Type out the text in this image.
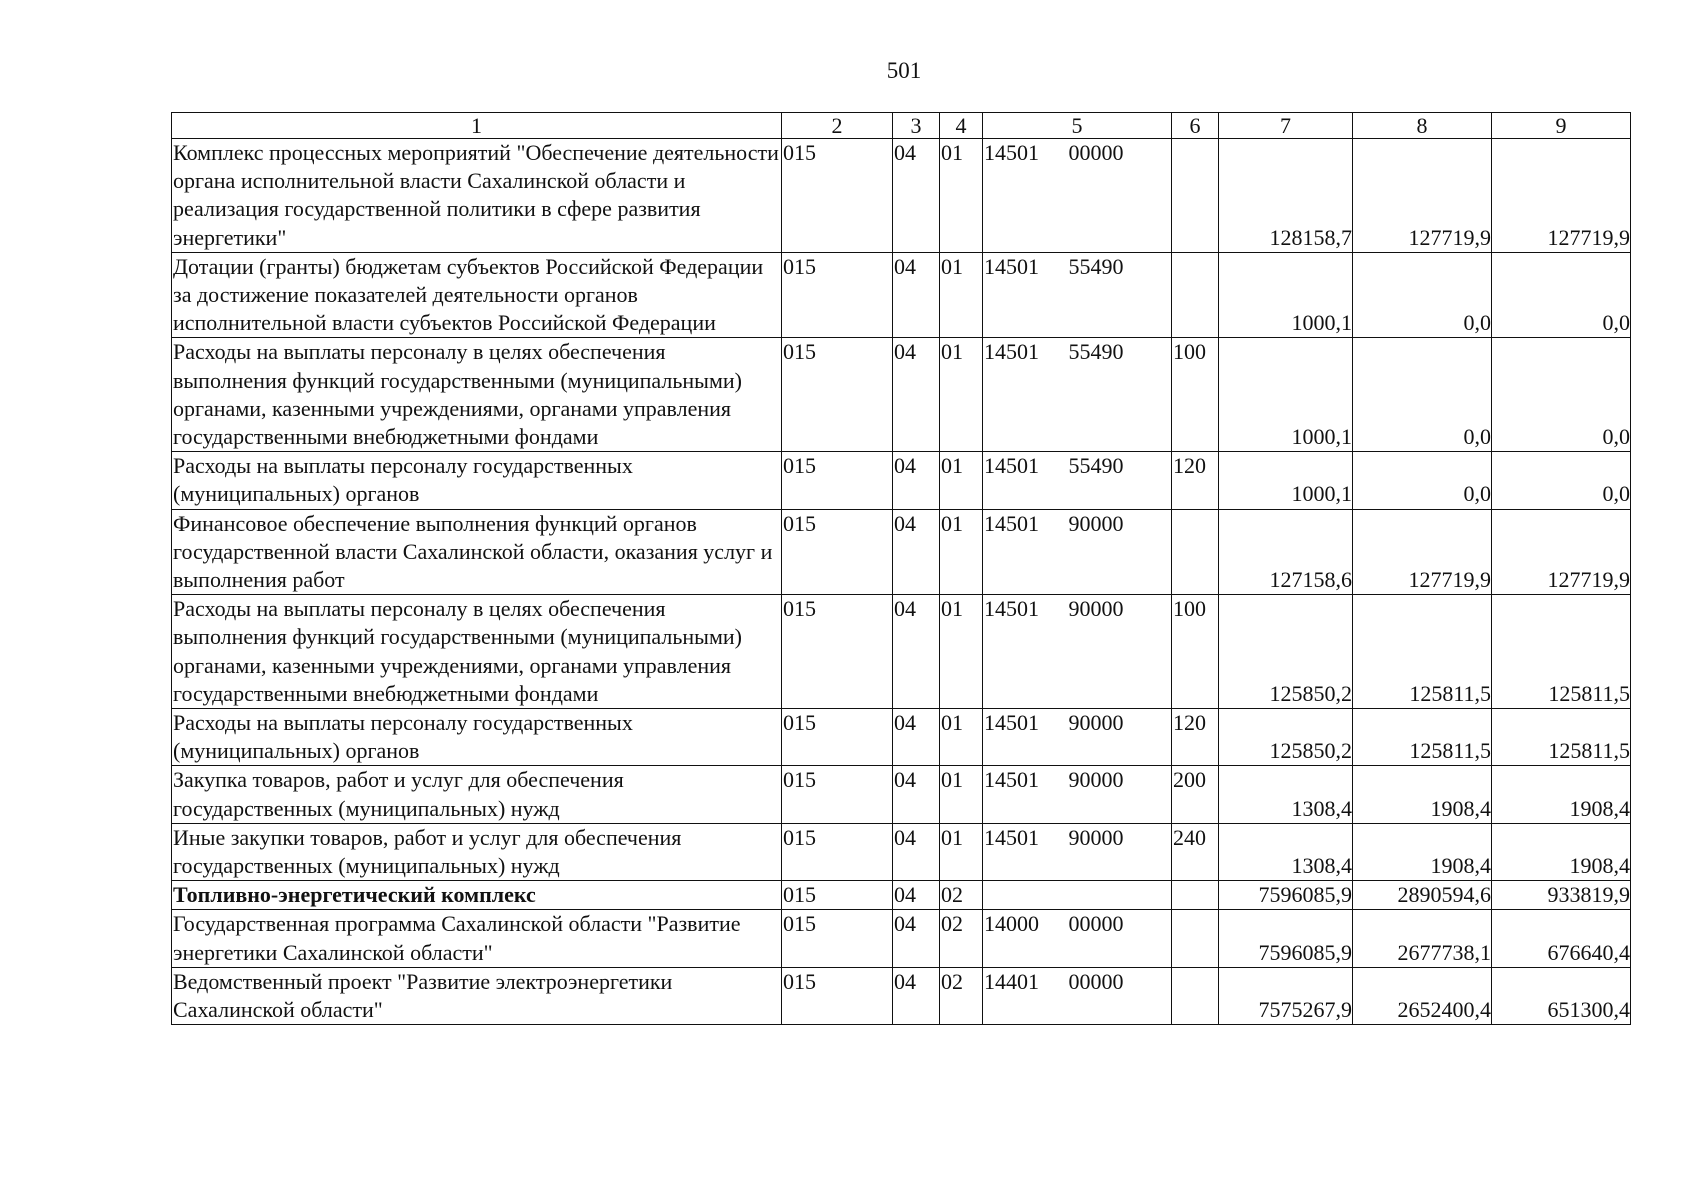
501
1	2	3	4	5	6	7	8	9
Комплекс процессных мероприятий "Обеспечение деятельности органа исполнительной власти Сахалинской области и реализация государственной политики в сфере развития энергетики"	015	04	01	14501 00000		128158,7	127719,9	127719,9
Дотации (гранты) бюджетам субъектов Российской Федерации за достижение показателей деятельности органов исполнительной власти субъектов Российской Федерации	015	04	01	14501 55490		1000,1	0,0	0,0
Расходы на выплаты персоналу в целях обеспечения выполнения функций государственными (муниципальными) органами, казенными учреждениями, органами управления государственными внебюджетными фондами	015	04	01	14501 55490	100	1000,1	0,0	0,0
Расходы на выплаты персоналу государственных (муниципальных) органов	015	04	01	14501 55490	120	1000,1	0,0	0,0
Финансовое обеспечение выполнения функций органов государственной власти Сахалинской области, оказания услуг и выполнения работ	015	04	01	14501 90000		127158,6	127719,9	127719,9
Расходы на выплаты персоналу в целях обеспечения выполнения функций государственными (муниципальными) органами, казенными учреждениями, органами управления государственными внебюджетными фондами	015	04	01	14501 90000	100	125850,2	125811,5	125811,5
Расходы на выплаты персоналу государственных (муниципальных) органов	015	04	01	14501 90000	120	125850,2	125811,5	125811,5
Закупка товаров, работ и услуг для обеспечения государственных (муниципальных) нужд	015	04	01	14501 90000	200	1308,4	1908,4	1908,4
Иные закупки товаров, работ и услуг для обеспечения государственных (муниципальных) нужд	015	04	01	14501 90000	240	1308,4	1908,4	1908,4
Топливно-энергетический комплекс	015	04	02			7596085,9	2890594,6	933819,9
Государственная программа Сахалинской области "Развитие энергетики Сахалинской области"	015	04	02	14000 00000		7596085,9	2677738,1	676640,4
Ведомственный проект "Развитие электроэнергетики Сахалинской области"	015	04	02	14401 00000		7575267,9	2652400,4	651300,4
